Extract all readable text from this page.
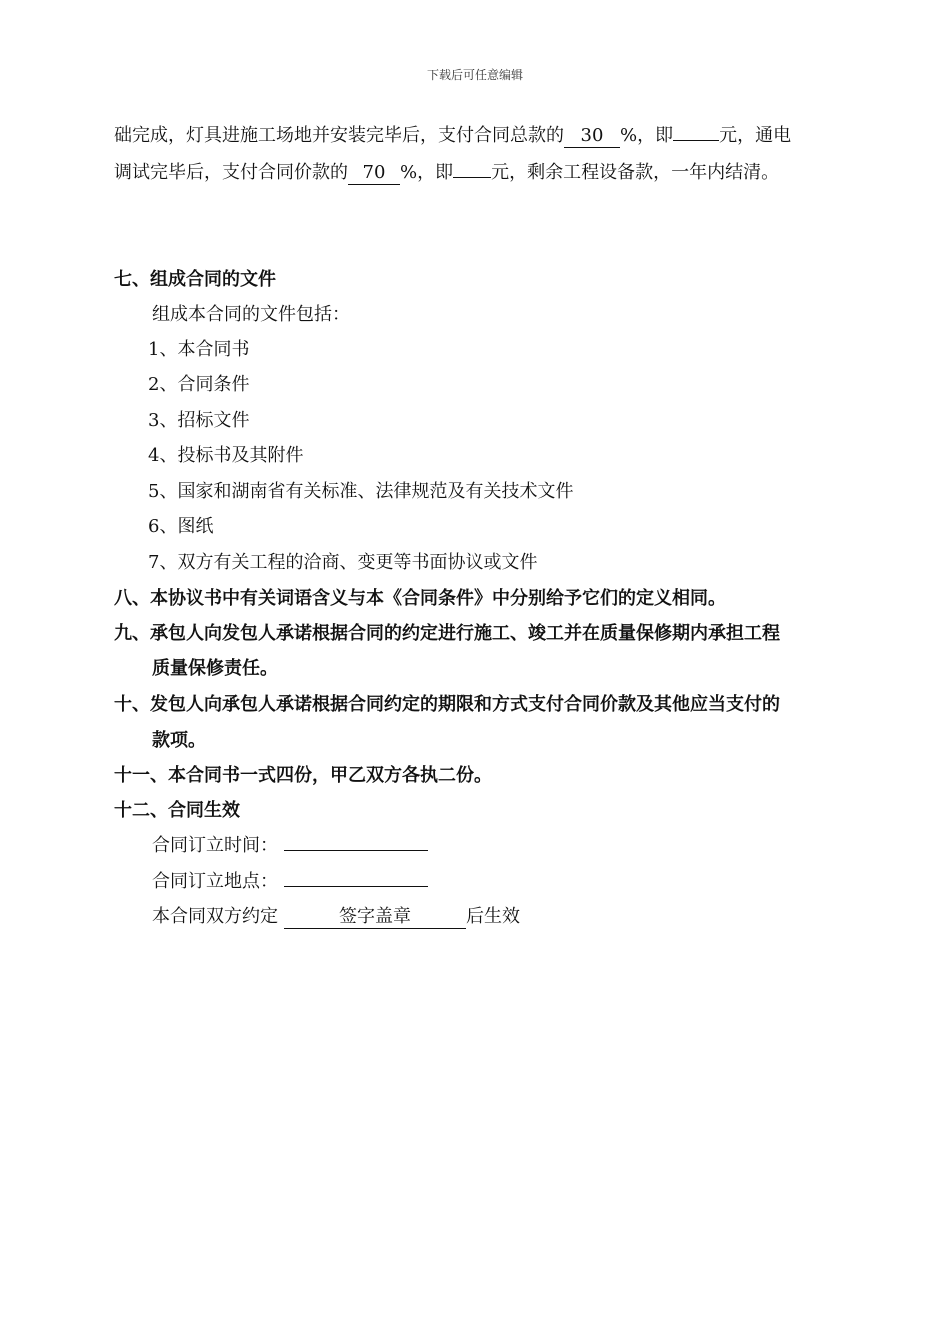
下载后可任意编辑
础完成，灯具进施工场地并安装完毕后，支付合同总款的 30 %，即	元，通电
调试完毕后，支付合同价款的 70 %，即 元，剩余工程设备款，一年内结清。
七、组成合同的文件
组成本合同的文件包括：
1、本合同书
2、合同条件
3、招标文件
4、投标书及其附件
5、国家和湖南省有关标准、法律规范及有关技术文件
6、图纸
7、双方有关工程的洽商、变更等书面协议或文件
八、本协议书中有关词语含义与本《合同条件》中分别给予它们的定义相同。
九、承包人向发包人承诺根据合同的约定进行施工、竣工并在质量保修期内承担工程
质量保修责任。
十、发包人向承包人承诺根据合同约定的期限和方式支付合同价款及其他应当支付的
款项。
十一、本合同书一式四份，甲乙双方各执二份。
十二、合同生效
合同订立时间：
合同订立地点：
本合同双方约定	签字盖章	后生效
